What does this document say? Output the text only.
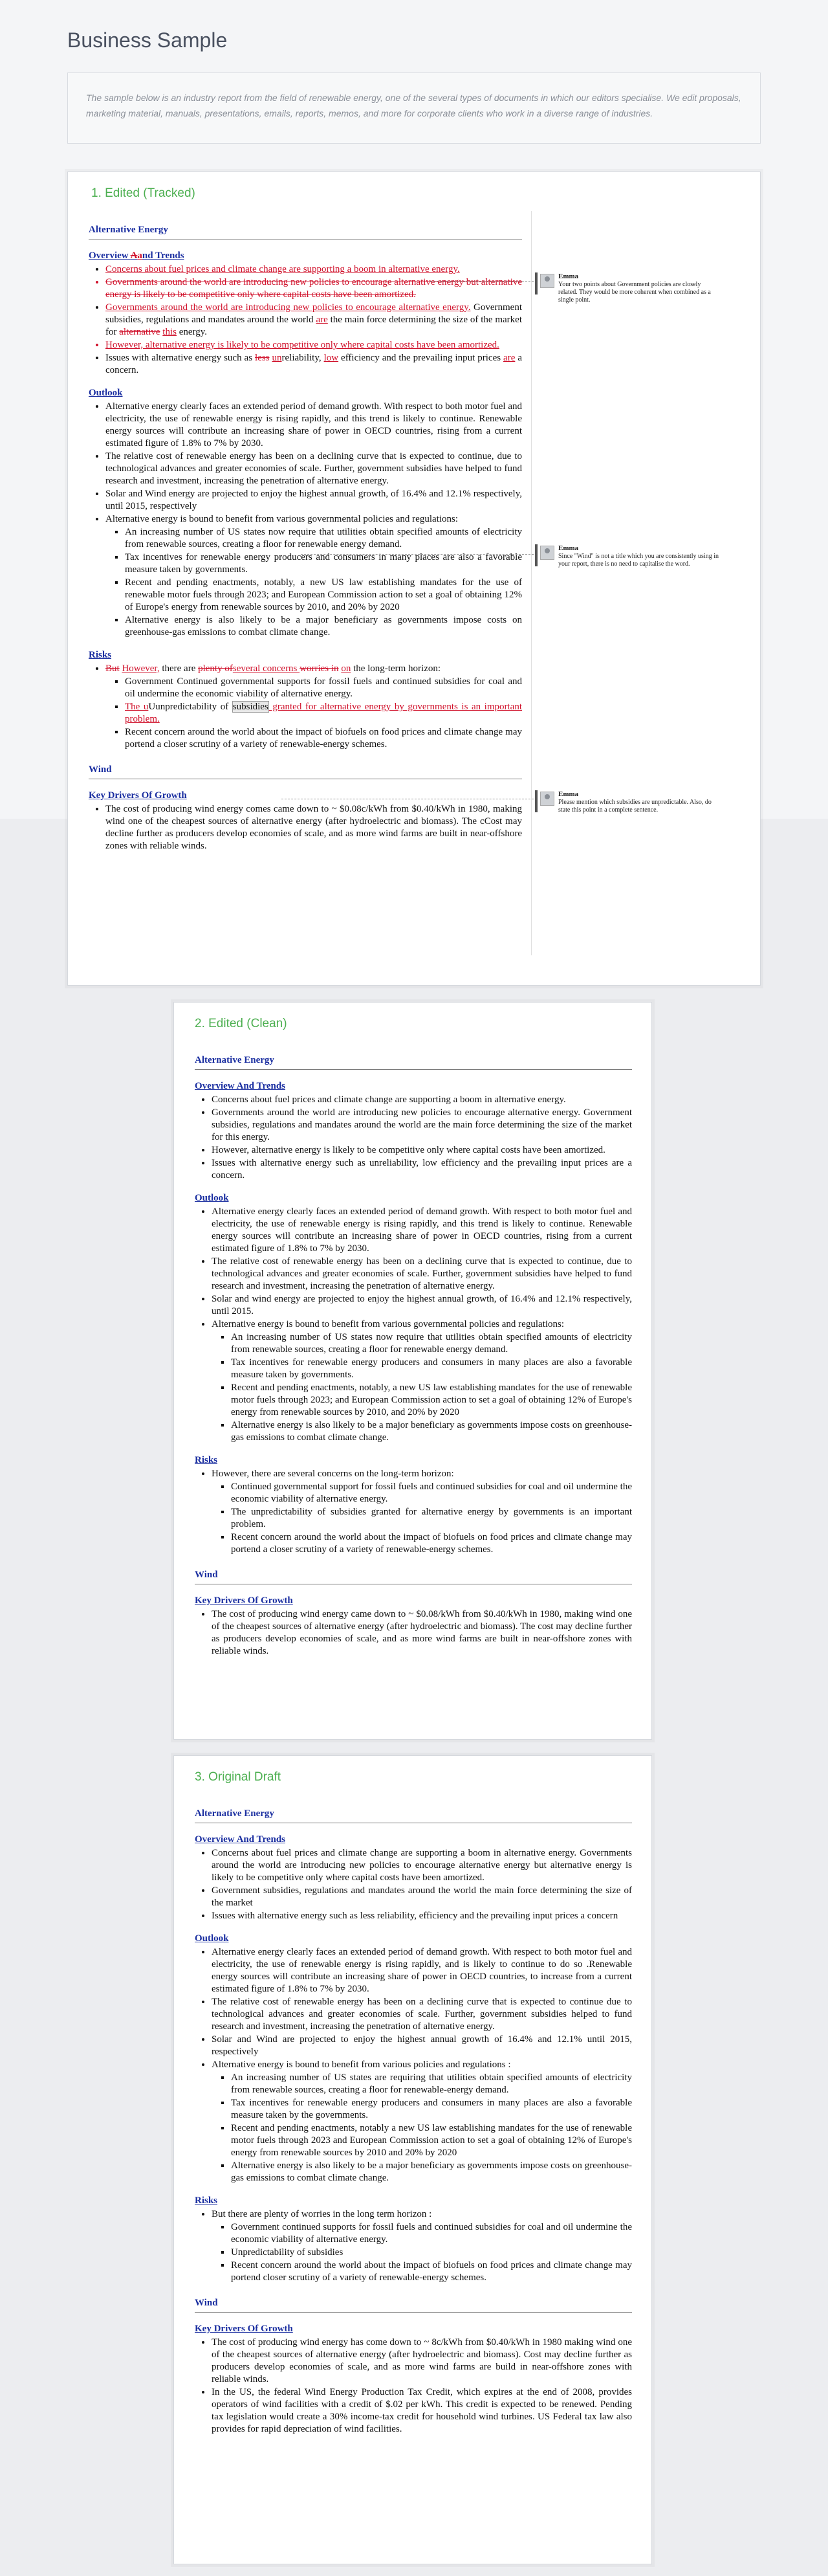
Business Sample
The sample below is an industry report from the field of renewable energy, one of the several types of documents in which our editors specialise. We edit proposals, marketing material, manuals, presentations, emails, reports, memos, and more for corporate clients who work in a diverse range of industries.
1. Edited (Tracked)
Alternative Energy
Overview Aand Trends
• Concerns about fuel prices and climate change are supporting a boom in alternative energy.
• Governments around the world are introducing new policies to encourage alternative energy but alternative energy is likely to be competitive only where capital costs have been amortized.
• Governments around the world are introducing new policies to encourage alternative energy. Government subsidies, regulations and mandates around the world are the main force determining the size of the market for alternative this energy.
• However, alternative energy is likely to be competitive only where capital costs have been amortized.
• Issues with alternative energy such as less unreliability, low efficiency and the prevailing input prices are a concern.
Outlook
• Alternative energy clearly faces an extended period of demand growth. With respect to both motor fuel and electricity, the use of renewable energy is rising rapidly, and this trend is likely to continue. Renewable energy sources will contribute an increasing share of power in OECD countries, rising from a current estimated figure of 1.8% to 7% by 2030.
• The relative cost of renewable energy has been on a declining curve that is expected to continue, due to technological advances and greater economies of scale. Further, government subsidies have helped to fund research and investment, increasing the penetration of alternative energy.
• Solar and Wind energy are projected to enjoy the highest annual growth, of 16.4% and 12.1% respectively, until 2015, respectively
• Alternative energy is bound to benefit from various governmental policies and regulations:
▪ An increasing number of US states now require that utilities obtain specified amounts of electricity from renewable sources, creating a floor for renewable energy demand.
▪ Tax incentives for renewable energy producers and consumers in many places are also a favorable measure taken by governments.
▪ Recent and pending enactments, notably, a new US law establishing mandates for the use of renewable motor fuels through 2023; and European Commission action to set a goal of obtaining 12% of Europe's energy from renewable sources by 2010, and 20% by 2020
▪ Alternative energy is also likely to be a major beneficiary as governments impose costs on greenhouse-gas emissions to combat climate change.
Risks
• But However, there are plenty ofseveral concerns worries in on the long-term horizon:
▪ Government Continued governmental supports for fossil fuels and continued subsidies for coal and oil undermine the economic viability of alternative energy.
▪ The uUunpredictability of subsidies granted for alternative energy by governments is an important problem.
▪ Recent concern around the world about the impact of biofuels on food prices and climate change may portend a closer scrutiny of a variety of renewable-energy schemes.
Wind
Key Drivers Of Growth
• The cost of producing wind energy comes came down to ~ $0.08c/kWh from $0.40/kWh in 1980, making wind one of the cheapest sources of alternative energy (after hydroelectric and biomass). The cCost may decline further as producers develop economies of scale, and as more wind farms are built in near-offshore zones with reliable winds.
Emma
Your two points about Government policies are closely related. They would be more coherent when combined as a single point.
Emma
Since "Wind" is not a title which you are consistently using in your report, there is no need to capitalise the word.
Emma
Please mention which subsidies are unpredictable. Also, do state this point in a complete sentence.
2. Edited (Clean)
Alternative Energy
Overview And Trends
• Concerns about fuel prices and climate change are supporting a boom in alternative energy.
• Governments around the world are introducing new policies to encourage alternative energy. Government subsidies, regulations and mandates around the world are the main force determining the size of the market for this energy.
• However, alternative energy is likely to be competitive only where capital costs have been amortized.
• Issues with alternative energy such as unreliability, low efficiency and the prevailing input prices are a concern.
Outlook
• Alternative energy clearly faces an extended period of demand growth. With respect to both motor fuel and electricity, the use of renewable energy is rising rapidly, and this trend is likely to continue. Renewable energy sources will contribute an increasing share of power in OECD countries, rising from a current estimated figure of 1.8% to 7% by 2030.
• The relative cost of renewable energy has been on a declining curve that is expected to continue, due to technological advances and greater economies of scale. Further, government subsidies have helped to fund research and investment, increasing the penetration of alternative energy.
• Solar and wind energy are projected to enjoy the highest annual growth, of 16.4% and 12.1% respectively, until 2015.
• Alternative energy is bound to benefit from various governmental policies and regulations:
▪ An increasing number of US states now require that utilities obtain specified amounts of electricity from renewable sources, creating a floor for renewable energy demand.
▪ Tax incentives for renewable energy producers and consumers in many places are also a favorable measure taken by governments.
▪ Recent and pending enactments, notably, a new US law establishing mandates for the use of renewable motor fuels through 2023; and European Commission action to set a goal of obtaining 12% of Europe's energy from renewable sources by 2010, and 20% by 2020
▪ Alternative energy is also likely to be a major beneficiary as governments impose costs on greenhouse-gas emissions to combat climate change.
Risks
• However, there are several concerns on the long-term horizon:
▪ Continued governmental support for fossil fuels and continued subsidies for coal and oil undermine the economic viability of alternative energy.
▪ The unpredictability of subsidies granted for alternative energy by governments is an important problem.
▪ Recent concern around the world about the impact of biofuels on food prices and climate change may portend a closer scrutiny of a variety of renewable-energy schemes.
Wind
Key Drivers Of Growth
• The cost of producing wind energy came down to ~ $0.08/kWh from $0.40/kWh in 1980, making wind one of the cheapest sources of alternative energy (after hydroelectric and biomass). The cost may decline further as producers develop economies of scale, and as more wind farms are built in near-offshore zones with reliable winds.
3. Original Draft
Alternative Energy
Overview And Trends
• Concerns about fuel prices and climate change are supporting a boom in alternative energy. Governments around the world are introducing new policies to encourage alternative energy but alternative energy is likely to be competitive only where capital costs have been amortized.
• Government subsidies, regulations and mandates around the world the main force determining the size of the market
• Issues with alternative energy such as less reliability, efficiency and the prevailing input prices a concern
Outlook
• Alternative energy clearly faces an extended period of demand growth. With respect to both motor fuel and electricity, the use of renewable energy is rising rapidly, and is likely to continue to do so .Renewable energy sources will contribute an increasing share of power in OECD countries, to increase from a current estimated figure of 1.8% to 7% by 2030.
• The relative cost of renewable energy has been on a declining curve that is expected to continue due to technological advances and greater economies of scale. Further, government subsidies helped to fund research and investment, increasing the penetration of alternative energy.
• Solar and Wind are projected to enjoy the highest annual growth of 16.4% and 12.1% until 2015, respectively
• Alternative energy is bound to benefit from various policies and regulations :
▪ An increasing number of US states are requiring that utilities obtain specified amounts of electricity from renewable sources, creating a floor for renewable-energy demand.
▪ Tax incentives for renewable energy producers and consumers in many places are also a favorable measure taken by the governments.
▪ Recent and pending enactments, notably a new US law establishing mandates for the use of renewable motor fuels through 2023 and European Commission action to set a goal of obtaining 12% of Europe's energy from renewable sources by 2010 and 20% by 2020
▪ Alternative energy is also likely to be a major beneficiary as governments impose costs on greenhouse-gas emissions to combat climate change.
Risks
• But there are plenty of worries in the long term horizon :
▪ Government continued supports for fossil fuels and continued subsidies for coal and oil undermine the economic viability of alternative energy.
▪ Unpredictability of subsidies
▪ Recent concern around the world about the impact of biofuels on food prices and climate change may portend closer scrutiny of a variety of renewable-energy schemes.
Wind
Key Drivers Of Growth
• The cost of producing wind energy has come down to ~ 8c/kWh from $0.40/kWh in 1980 making wind one of the cheapest sources of alternative energy (after hydroelectric and biomass). Cost may decline further as producers develop economies of scale, and as more wind farms are build in near-offshore zones with reliable winds.
• In the US, the federal Wind Energy Production Tax Credit, which expires at the end of 2008, provides operators of wind facilities with a credit of $.02 per kWh. This credit is expected to be renewed. Pending tax legislation would create a 30% income-tax credit for household wind turbines. US Federal tax law also provides for rapid depreciation of wind facilities.
